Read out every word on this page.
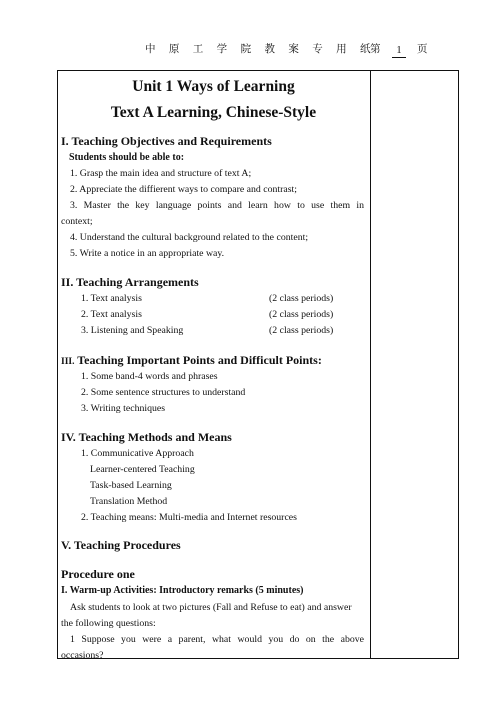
中 原 工 学 院 教 案 专 用 纸 第	1	页
Unit 1 Ways of Learning
Text A Learning, Chinese-Style
I. Teaching Objectives and Requirements
Students should be able to:
1. Grasp the main idea and structure of text A;
2. Appreciate the diffierent ways to compare and contrast;
3. Master the key language points and learn how to use them in
context;
4. Understand the cultural background related to the content;
5. Write a notice in an appropriate way.
II. Teaching Arrangements
1. Text analysis	(2 class periods)
2. Text analysis	(2 class periods)
3. Listening and Speaking	(2 class periods)
III. Teaching Important Points and Difficult Points:
1. Some band-4 words and phrases
2. Some sentence structures to understand
3. Writing techniques
IV. Teaching Methods and Means
1. Communicative Approach
Learner-centered Teaching
Task-based Learning
Translation Method
2. Teaching means: Multi-media and Internet resources
V. Teaching Procedures
Procedure one
I. Warm-up Activities: Introductory remarks (5 minutes)
Ask students to look at two pictures (Fall and Refuse to eat) and answer
the following questions:
1 Suppose you were a parent, what would you do on the above
occasions?
